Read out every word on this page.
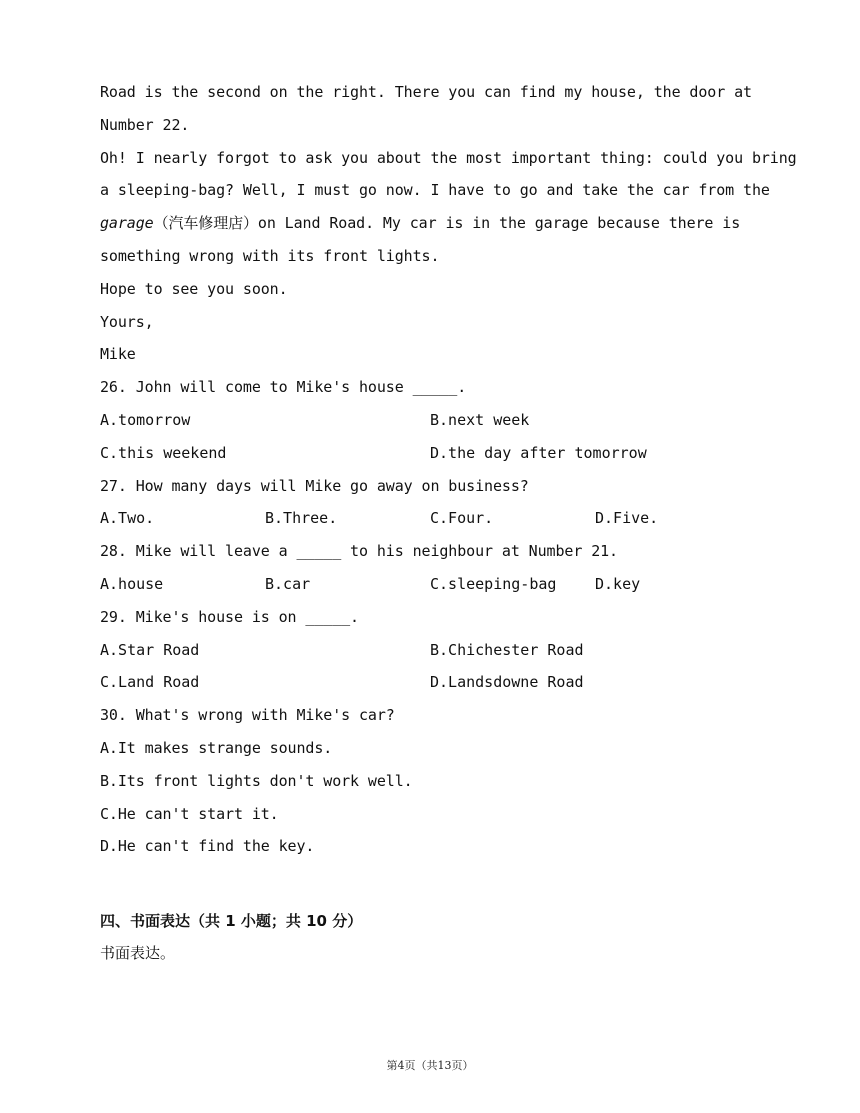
Road is the second on the right. There you can find my house, the door at
Number 22.
Oh! I nearly forgot to ask you about the most important thing: could you bring
a sleeping-bag? Well, I must go now. I have to go and take the car from the
garage（汽车修理店）on Land Road. My car is in the garage because there is
something wrong with its front lights.
Hope to see you soon.
Yours,
Mike
26. John will come to Mike's house _____.
A.tomorrow	B.next week
C.this weekend	D.the day after tomorrow
27. How many days will Mike go away on business?
A.Two.	B.Three.	C.Four.	D.Five.
28. Mike will leave a _____ to his neighbour at Number 21.
A.house	B.car	C.sleeping-bag	D.key
29. Mike's house is on _____.
A.Star Road	B.Chichester Road
C.Land Road	D.Landsdowne Road
30. What's wrong with Mike's car?
A.It makes strange sounds.
B.Its front lights don't work well.
C.He can't start it.
D.He can't find the key.
四、书面表达（共 1 小题；共 10 分）
书面表达。
第4页（共13页）
